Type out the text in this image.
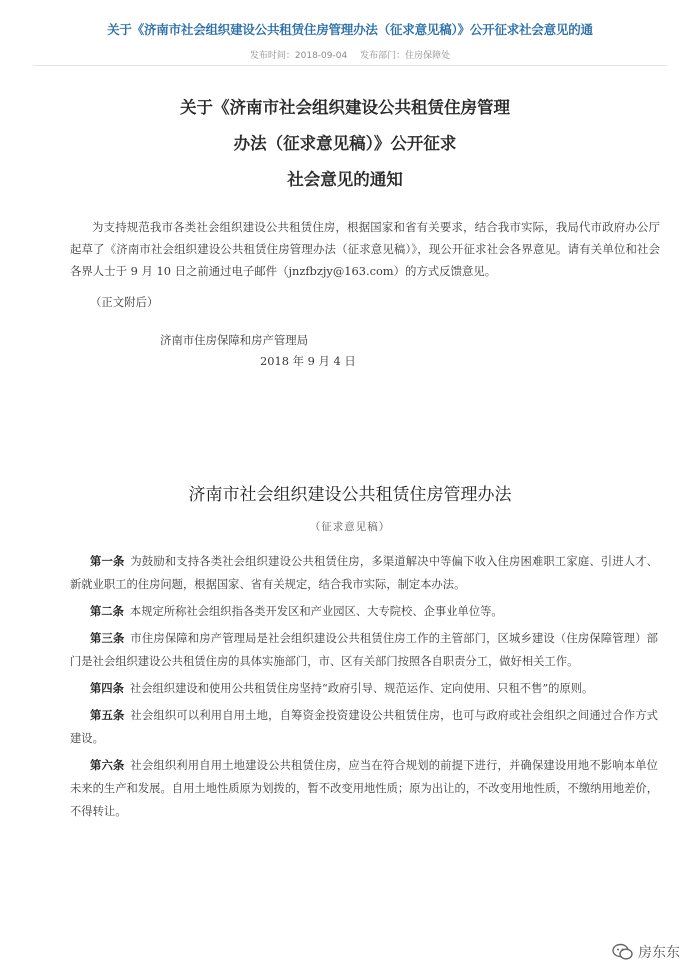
关于《济南市社会组织建设公共租赁住房管理办法（征求意见稿）》公开征求社会意见的通
发布时间：2018-09-04 发布部门：住房保障处
关于《济南市社会组织建设公共租赁住房管理
办法（征求意见稿）》公开征求
社会意见的通知
为支持规范我市各类社会组织建设公共租赁住房，根据国家和省有关要求，结合我市实际，我局代市政府办公厅起草了《济南市社会组织建设公共租赁住房管理办法（征求意见稿）》，现公开征求社会各界意见。请有关单位和社会各界人士于 9 月 10 日之前通过电子邮件（jnzfbzjy@163.com）的方式反馈意见。
（正文附后）
济南市住房保障和房产管理局
2018 年 9 月 4 日
济南市社会组织建设公共租赁住房管理办法
（征求意见稿）
第一条 为鼓励和支持各类社会组织建设公共租赁住房，多渠道解决中等偏下收入住房困难职工家庭、引进人才、新就业职工的住房问题，根据国家、省有关规定，结合我市实际，制定本办法。
第二条 本规定所称社会组织指各类开发区和产业园区、大专院校、企事业单位等。
第三条 市住房保障和房产管理局是社会组织建设公共租赁住房工作的主管部门，区城乡建设（住房保障管理）部门是社会组织建设公共租赁住房的具体实施部门，市、区有关部门按照各自职责分工，做好相关工作。
第四条 社会组织建设和使用公共租赁住房坚持“政府引导、规范运作、定向使用、只租不售”的原则。
第五条 社会组织可以利用自用土地，自筹资金投资建设公共租赁住房，也可与政府或社会组织之间通过合作方式建设。
第六条 社会组织利用自用土地建设公共租赁住房，应当在符合规划的前提下进行，并确保建设用地不影响本单位未来的生产和发展。自用土地性质原为划拨的，暂不改变用地性质；原为出让的，不改变用地性质，不缴纳用地差价，不得转让。
房东东
